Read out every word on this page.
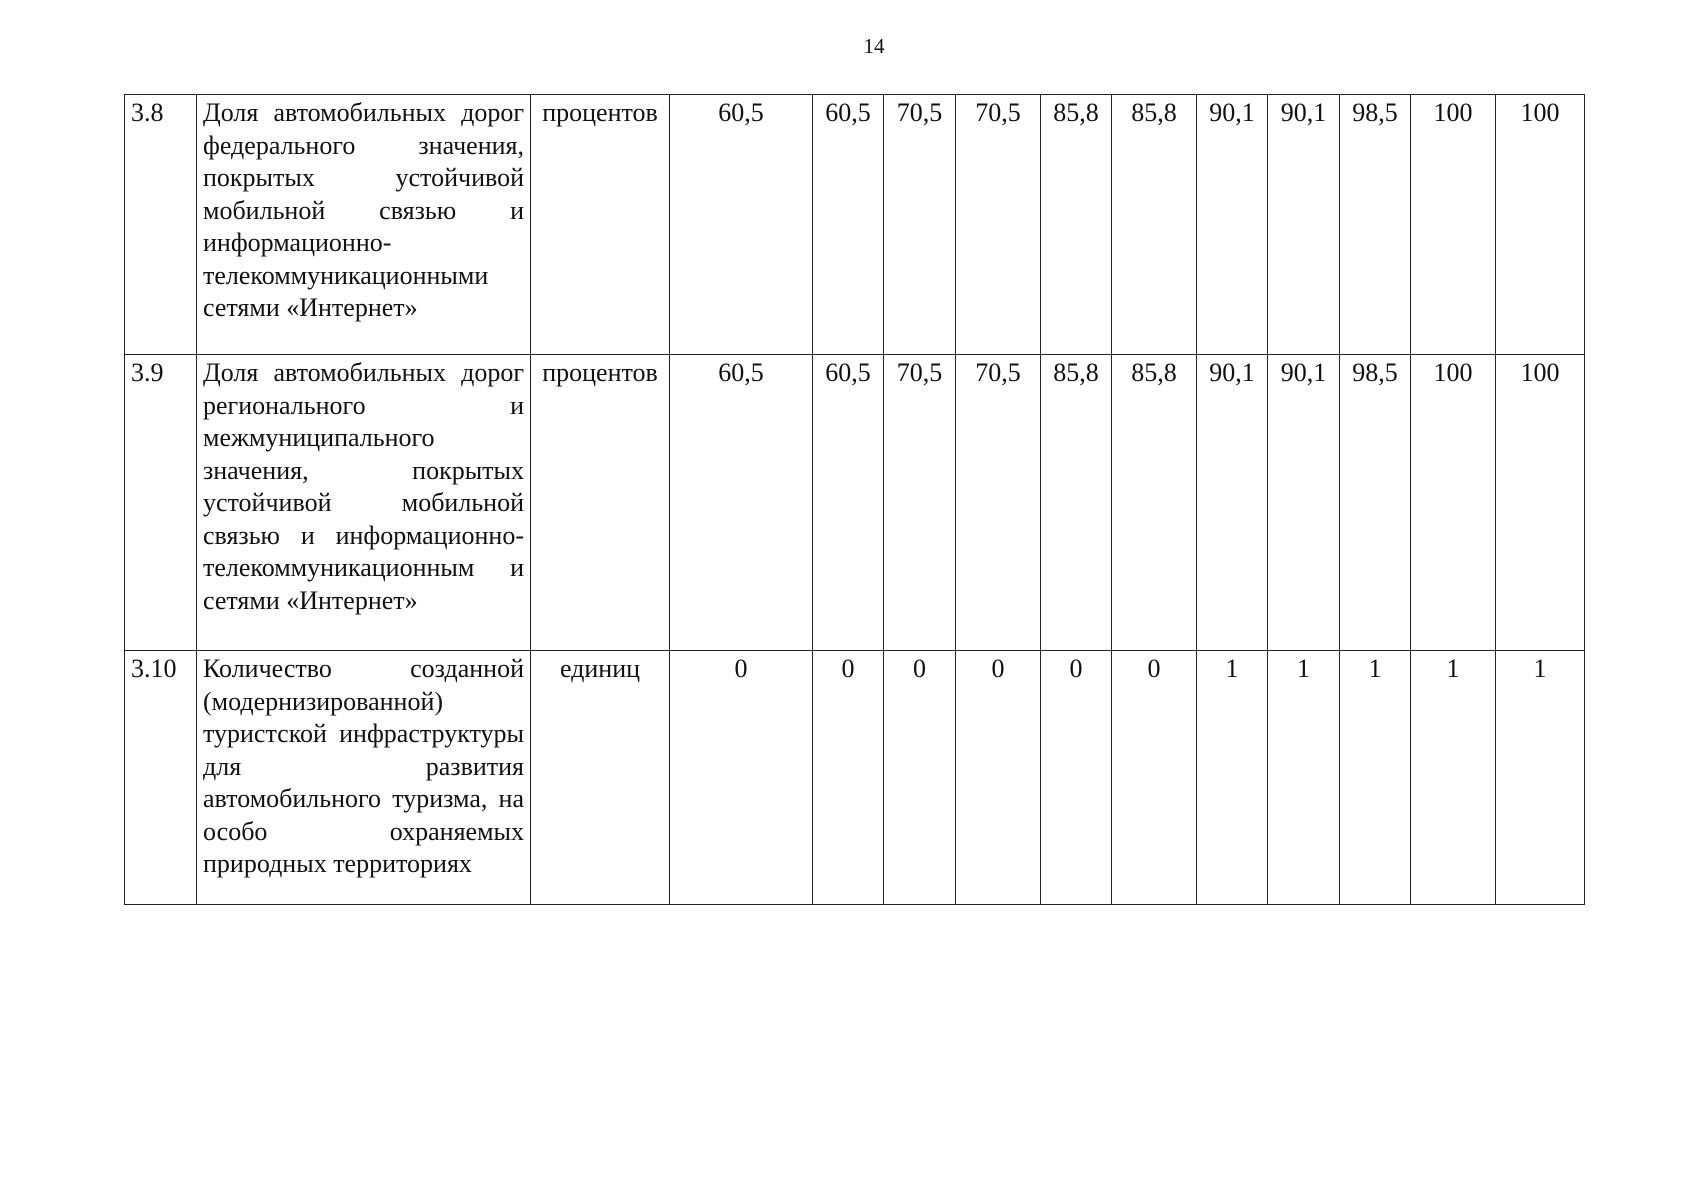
14
3.8	Доля автомобильных дорог федерального значения, покрытых устойчивой мобильной связью и информационно-телекоммуникационными сетями «Интернет»	процентов	60,5	60,5	70,5	70,5	85,8	85,8	90,1	90,1	98,5	100	100
3.9	Доля автомобильных дорог регионального и межмуниципального значения, покрытых устойчивой мобильной связью и информационно-телекоммуникационным и сетями «Интернет»	процентов	60,5	60,5	70,5	70,5	85,8	85,8	90,1	90,1	98,5	100	100
3.10	Количество созданной (модернизированной) туристской инфраструктуры для развития автомобильного туризма, на особо охраняемых природных территориях	единиц	0	0	0	0	0	0	1	1	1	1	1
